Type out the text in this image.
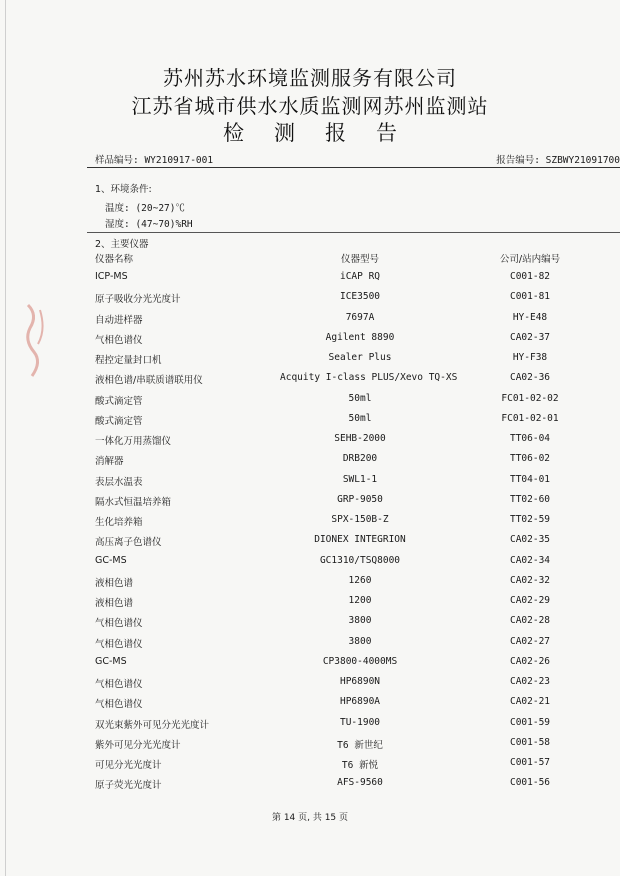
苏州苏水环境监测服务有限公司
江苏省城市供水水质监测网苏州监测站
检测报告
样品编号: WY210917-001	报告编号: SZBWY21091700
1、环境条件:
温度: (20~27)℃
湿度: (47~70)%RH
2、主要仪器
仪器名称	仪器型号	公司/站内编号
ICP-MS	iCAP RQ	C001-82
原子吸收分光光度计	ICE3500	C001-81
自动进样器	7697A	HY-E48
气相色谱仪	Agilent 8890	CA02-37
程控定量封口机	Sealer Plus	HY-F38
液相色谱/串联质谱联用仪	Acquity I-class PLUS/Xevo TQ-XS	CA02-36
酸式滴定管	50ml	FC01-02-02
酸式滴定管	50ml	FC01-02-01
一体化万用蒸馏仪	SEHB-2000	TT06-04
消解器	DRB200	TT06-02
表层水温表	SWL1-1	TT04-01
隔水式恒温培养箱	GRP-9050	TT02-60
生化培养箱	SPX-150B-Z	TT02-59
高压离子色谱仪	DIONEX INTEGRION	CA02-35
GC-MS	GC1310/TSQ8000	CA02-34
液相色谱	1260	CA02-32
液相色谱	1200	CA02-29
气相色谱仪	3800	CA02-28
气相色谱仪	3800	CA02-27
GC-MS	CP3800-4000MS	CA02-26
气相色谱仪	HP6890N	CA02-23
气相色谱仪	HP6890A	CA02-21
双光束紫外可见分光光度计	TU-1900	C001-59
紫外可见分光光度计	T6 新世纪	C001-58
可见分光光度计	T6 新悦	C001-57
原子荧光光度计	AFS-9560	C001-56
第 14 页, 共 15 页
